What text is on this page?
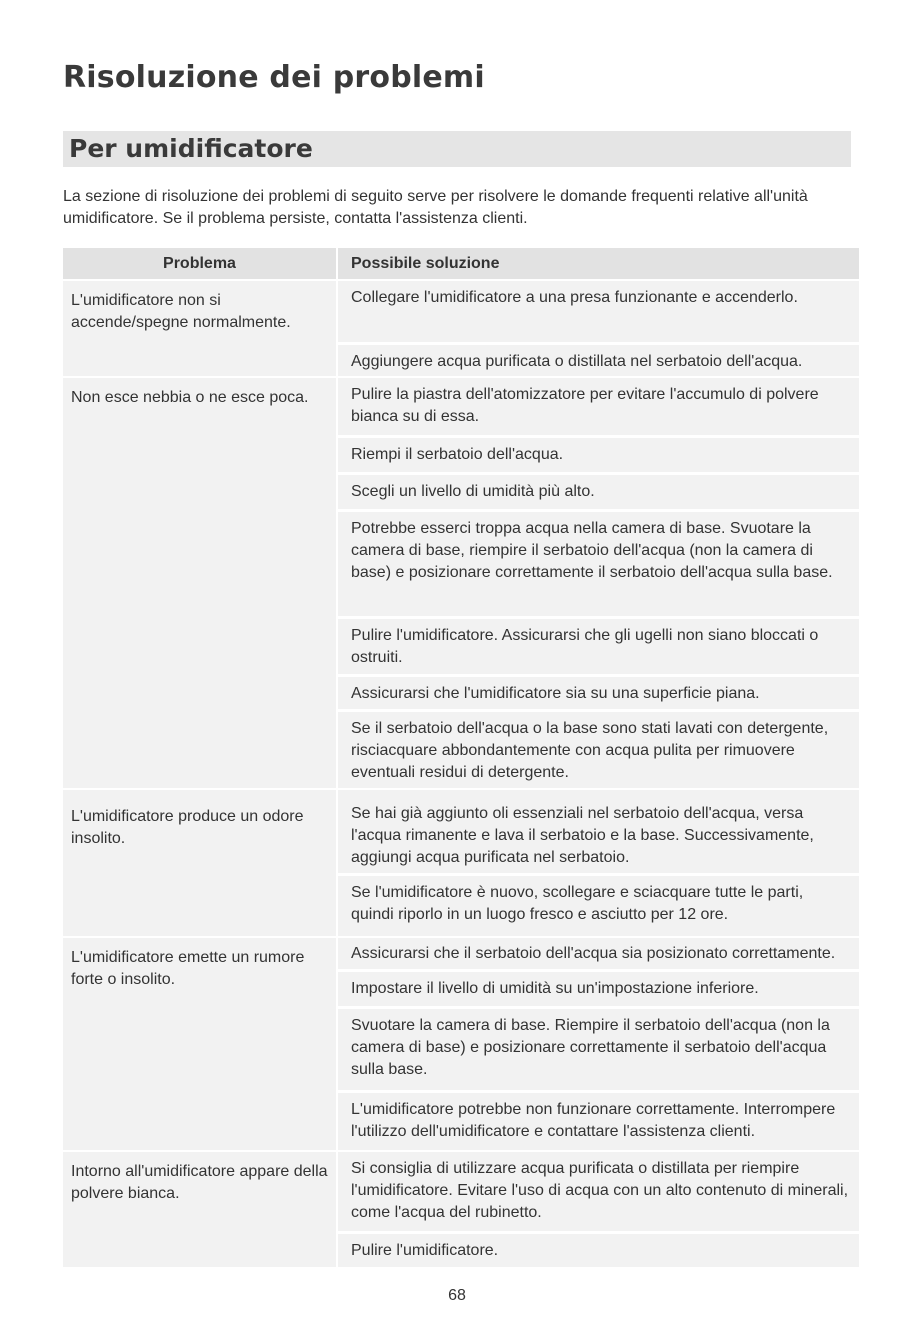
Risoluzione dei problemi
Per umidificatore

La sezione di risoluzione dei problemi di seguito serve per risolvere le domande frequenti relative all'unità umidificatore. Se il problema persiste, contatta l'assistenza clienti.

Problema	Possibile soluzione
L'umidificatore non si accende/spegne normalmente.
Collegare l'umidificatore a una presa funzionante e accenderlo.
Aggiungere acqua purificata o distillata nel serbatoio dell'acqua.
Non esce nebbia o ne esce poca.	Pulire la piastra dell'atomizzatore per evitare l'accumulo di polvere bianca su di essa.
Riempi il serbatoio dell'acqua.
Scegli un livello di umidità più alto.
Potrebbe esserci troppa acqua nella camera di base. Svuotare la camera di base, riempire il serbatoio dell'acqua (non la camera di base) e posizionare correttamente il serbatoio dell'acqua sulla base.
Pulire l'umidificatore. Assicurarsi che gli ugelli non siano bloccati o ostruiti.
Assicurarsi che l'umidificatore sia su una superficie piana.
Se il serbatoio dell'acqua o la base sono stati lavati con detergente, risciacquare abbondantemente con acqua pulita per rimuovere eventuali residui di detergente.
L'umidificatore produce un odore insolito.
Se hai già aggiunto oli essenziali nel serbatoio dell'acqua, versa l'acqua rimanente e lava il serbatoio e la base. Successivamente, aggiungi acqua purificata nel serbatoio.
Se l'umidificatore è nuovo, scollegare e sciacquare tutte le parti, quindi riporlo in un luogo fresco e asciutto per 12 ore.
L'umidificatore emette un rumore forte o insolito.
Assicurarsi che il serbatoio dell'acqua sia posizionato correttamente.
Impostare il livello di umidità su un'impostazione inferiore.
Svuotare la camera di base. Riempire il serbatoio dell'acqua (non la camera di base) e posizionare correttamente il serbatoio dell'acqua sulla base.
L'umidificatore potrebbe non funzionare correttamente. Interrompere l'utilizzo dell'umidificatore e contattare l'assistenza clienti.
Intorno all'umidificatore appare della polvere bianca.
Si consiglia di utilizzare acqua purificata o distillata per riempire l'umidificatore. Evitare l'uso di acqua con un alto contenuto di minerali, come l'acqua del rubinetto.
Pulire l'umidificatore.
68
